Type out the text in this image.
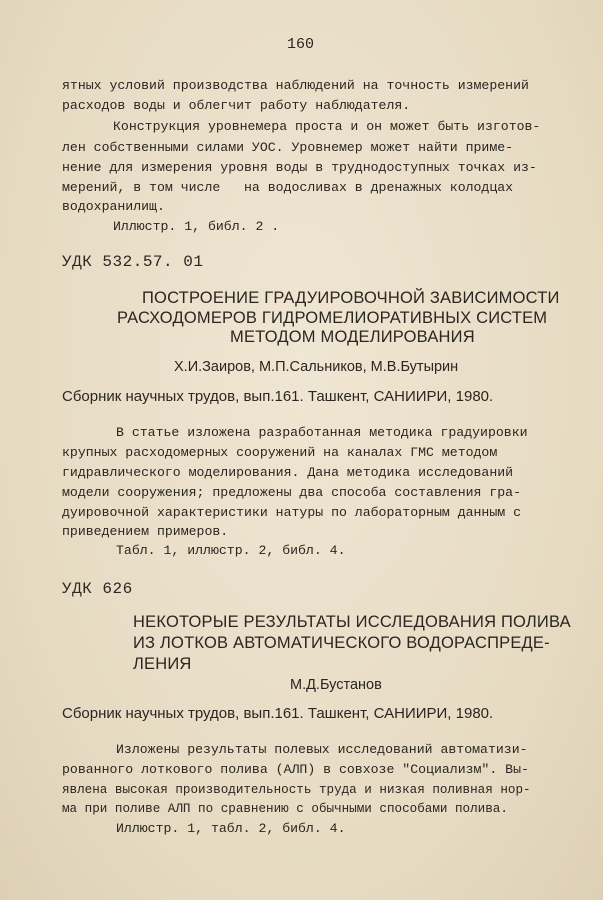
160
ятных условий производства наблюдений на точность измерений
расходов воды и облегчит работу наблюдателя.
Конструкция уровнемера проста и он может быть изготов-
лен собственными силами УОС. Уровнемер может найти приме-
нение для измерения уровня воды в труднодоступных точках из-
мерений, в том числе   на водосливах в дренажных колодцах
водохранилищ.
Иллюстр. 1, библ. 2 .
УДК 532.57. 01
ПОСТРОЕНИЕ ГРАДУИРОВОЧНОЙ ЗАВИСИМОСТИ
РАСХОДОМЕРОВ ГИДРОМЕЛИОРАТИВНЫХ СИСТЕМ
МЕТОДОМ МОДЕЛИРОВАНИЯ
Х.И.Заиров, М.П.Сальников, М.В.Бутырин
Сборник научных трудов, вып.161. Ташкент, САНИИРИ, 1980.
В статье изложена разработанная методика градуировки
крупных расходомерных сооружений на каналах ГМС методом
гидравлического моделирования. Дана методика исследований
модели сооружения; предложены два способа составления гра-
дуировочной характеристики натуры по лабораторным данным с
приведением примеров.
Табл. 1, иллюстр. 2, библ. 4.
УДК 626
НЕКОТОРЫЕ РЕЗУЛЬТАТЫ ИССЛЕДОВАНИЯ ПОЛИВА
ИЗ ЛОТКОВ АВТОМАТИЧЕСКОГО ВОДОРАСПРЕДЕ-
ЛЕНИЯ
М.Д.Бустанов
Сборник научных трудов, вып.161. Ташкент, САНИИРИ, 1980.
Изложены результаты полевых исследований автоматизи-
рованного лоткового полива (АЛП) в совхозе "Социализм". Вы-
явлена высокая производительность труда и низкая поливная нор-
ма при поливе АЛП по сравнению с обычными способами полива.
Иллюстр. 1, табл. 2, библ. 4.
